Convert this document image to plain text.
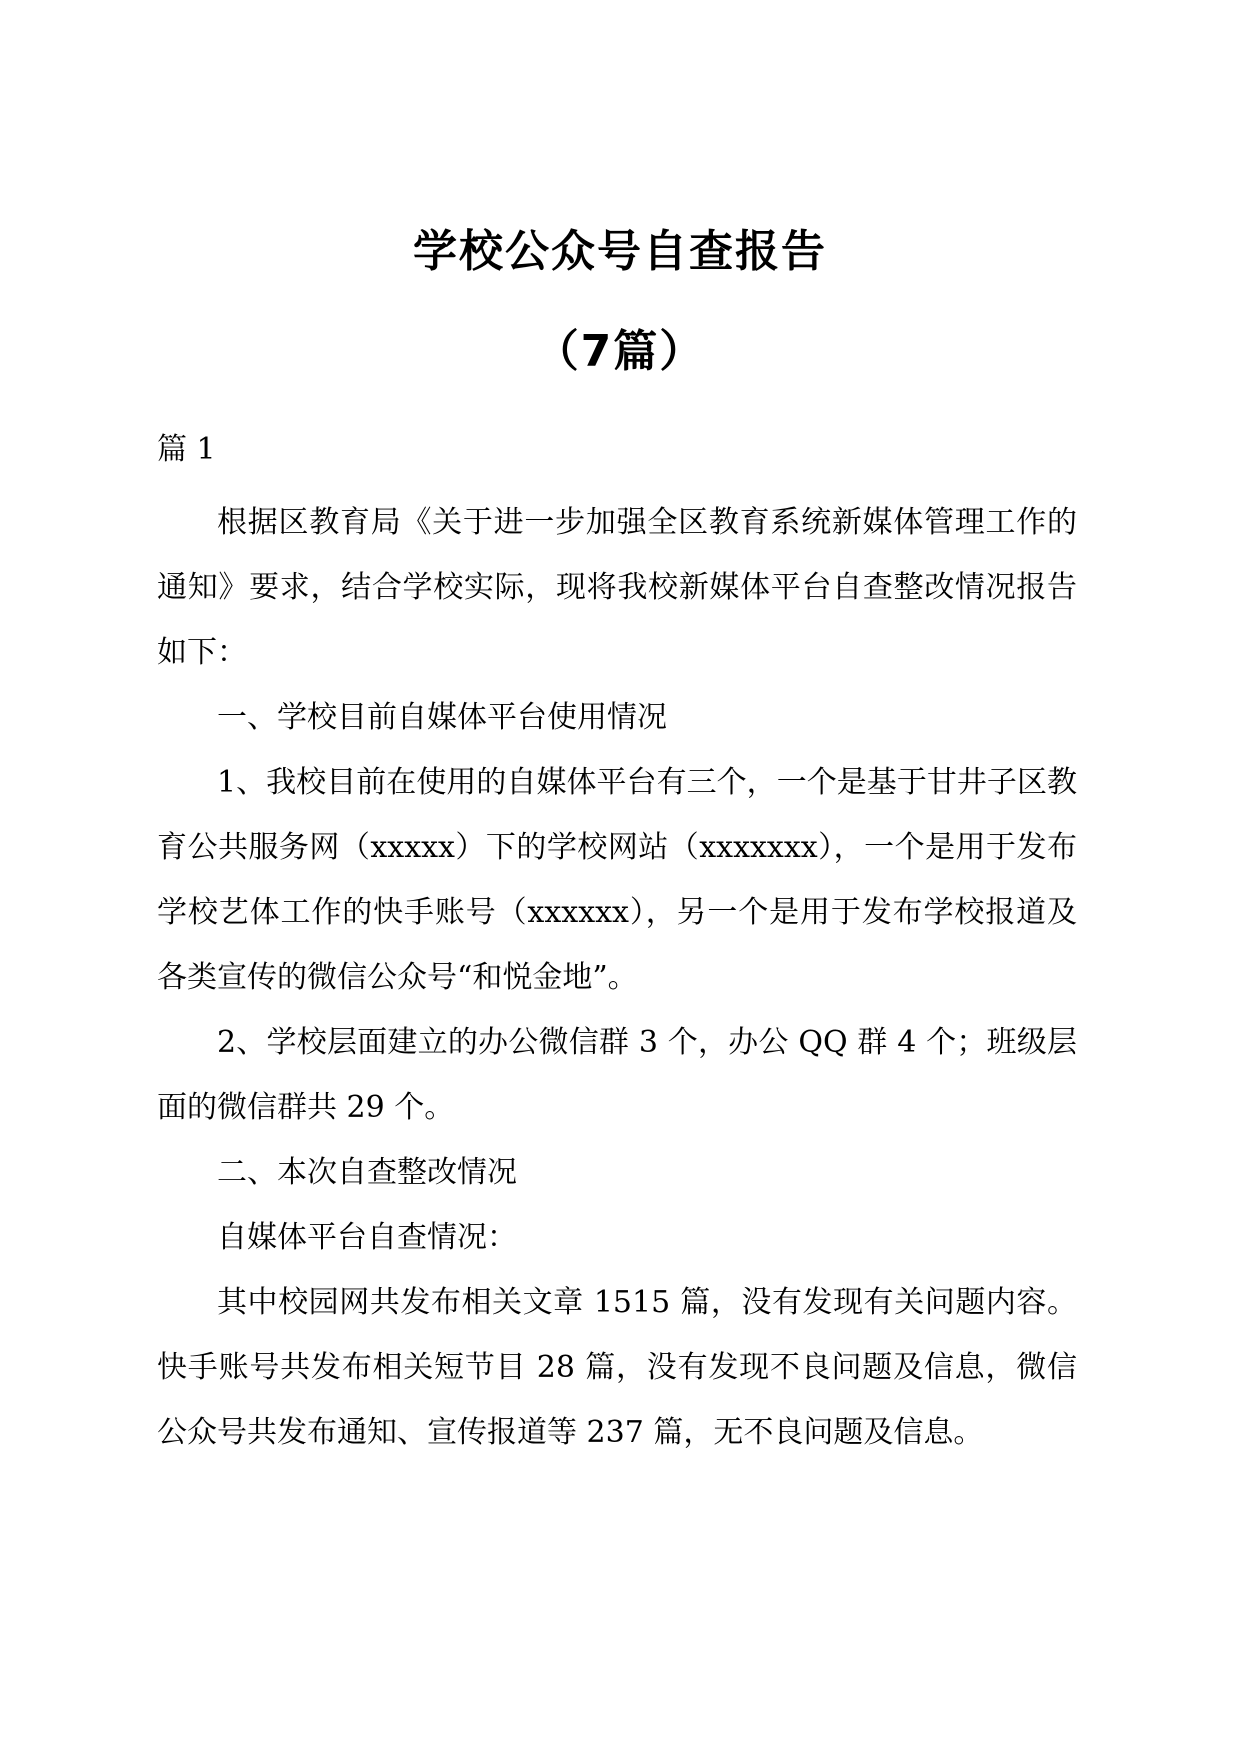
学校公众号自查报告
（7篇）
篇 1

根据区教育局《关于进一步加强全区教育系统新媒体管理工作的通知》要求，结合学校实际，现将我校新媒体平台自查整改情况报告如下：

一、学校目前自媒体平台使用情况

1、我校目前在使用的自媒体平台有三个，一个是基于甘井子区教育公共服务网（xxxxx）下的学校网站（xxxxxxx），一个是用于发布学校艺体工作的快手账号（xxxxxx），另一个是用于发布学校报道及各类宣传的微信公众号“和悦金地”。

2、学校层面建立的办公微信群 3 个，办公 QQ 群 4 个；班级层面的微信群共 29 个。

二、本次自查整改情况

自媒体平台自查情况：

其中校园网共发布相关文章 1515 篇，没有发现有关问题内容。快手账号共发布相关短节目 28 篇，没有发现不良问题及信息，微信公众号共发布通知、宣传报道等 237 篇，无不良问题及信息。
